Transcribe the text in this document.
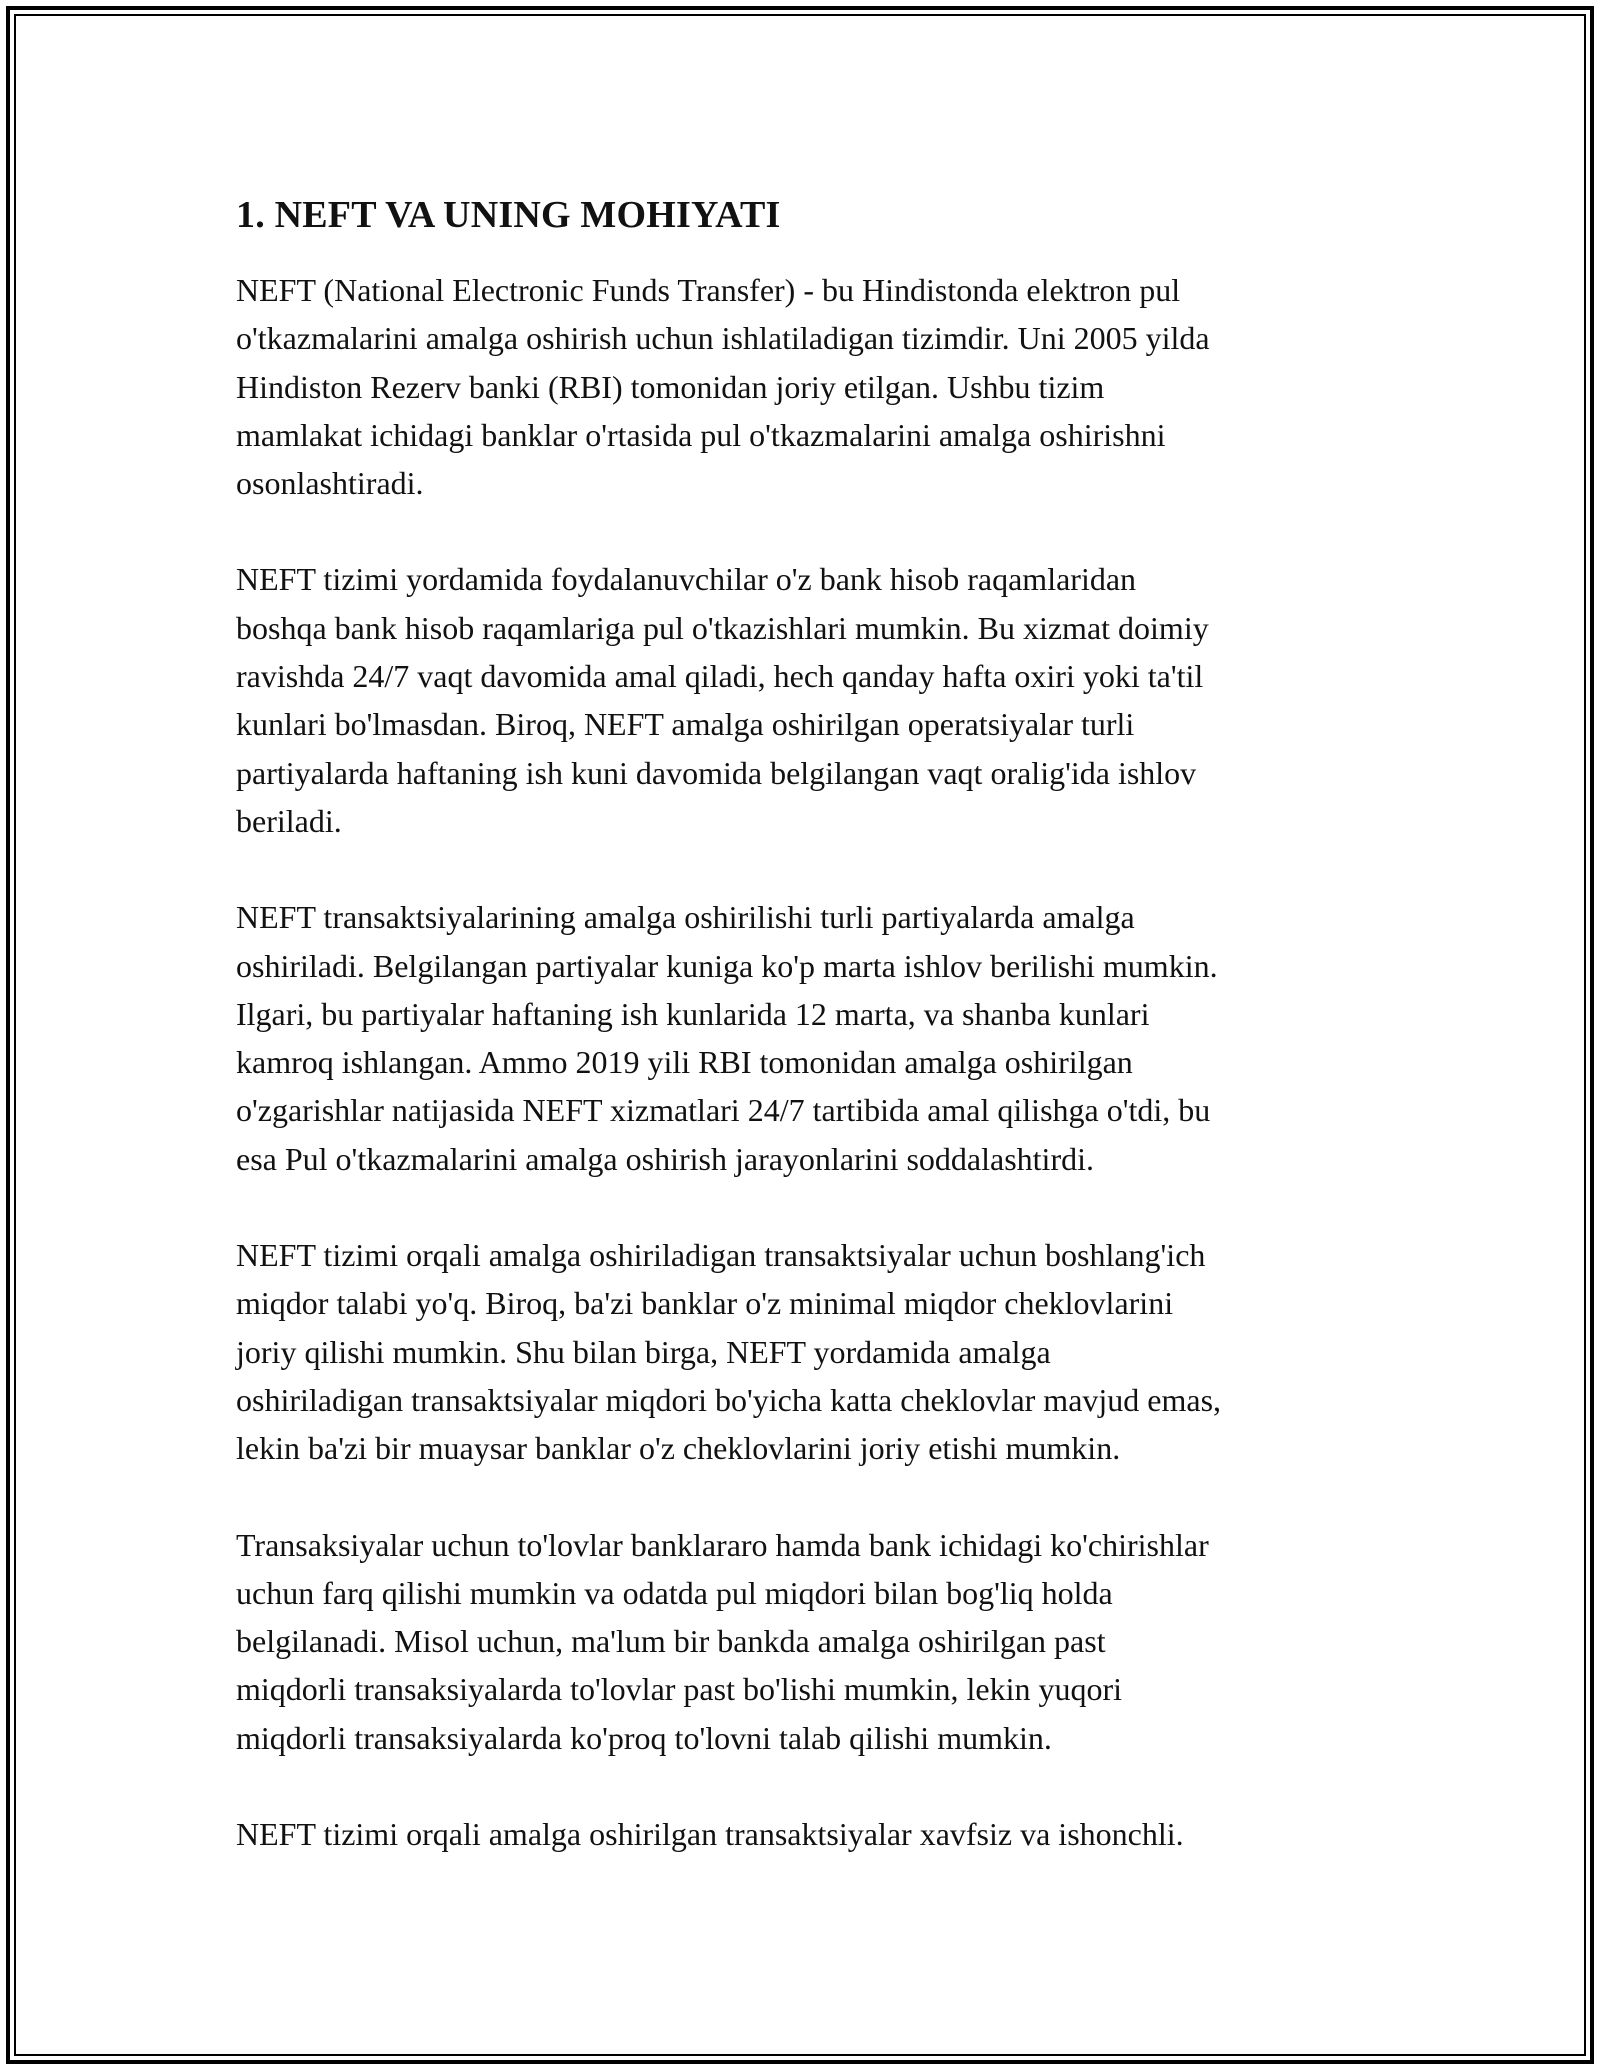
1. NEFT VA UNING MOHIYATI

NEFT (National Electronic Funds Transfer) - bu Hindistonda elektron pul
o'tkazmalarini amalga oshirish uchun ishlatiladigan tizimdir. Uni 2005 yilda
Hindiston Rezerv banki (RBI) tomonidan joriy etilgan. Ushbu tizim
mamlakat ichidagi banklar o'rtasida pul o'tkazmalarini amalga oshirishni
osonlashtiradi.

NEFT tizimi yordamida foydalanuvchilar o'z bank hisob raqamlaridan
boshqa bank hisob raqamlariga pul o'tkazishlari mumkin. Bu xizmat doimiy
ravishda 24/7 vaqt davomida amal qiladi, hech qanday hafta oxiri yoki ta'til
kunlari bo'lmasdan. Biroq, NEFT amalga oshirilgan operatsiyalar turli
partiyalarda haftaning ish kuni davomida belgilangan vaqt oralig'ida ishlov
beriladi.

NEFT transaktsiyalarining amalga oshirilishi turli partiyalarda amalga
oshiriladi. Belgilangan partiyalar kuniga ko'p marta ishlov berilishi mumkin.
Ilgari, bu partiyalar haftaning ish kunlarida 12 marta, va shanba kunlari
kamroq ishlangan. Ammo 2019 yili RBI tomonidan amalga oshirilgan
o'zgarishlar natijasida NEFT xizmatlari 24/7 tartibida amal qilishga o'tdi, bu
esa Pul o'tkazmalarini amalga oshirish jarayonlarini soddalashtirdi.

NEFT tizimi orqali amalga oshiriladigan transaktsiyalar uchun boshlang'ich
miqdor talabi yo'q. Biroq, ba'zi banklar o'z minimal miqdor cheklovlarini
joriy qilishi mumkin. Shu bilan birga, NEFT yordamida amalga
oshiriladigan transaktsiyalar miqdori bo'yicha katta cheklovlar mavjud emas,
lekin ba'zi bir muaysar banklar o'z cheklovlarini joriy etishi mumkin.

Transaksiyalar uchun to'lovlar banklararo hamda bank ichidagi ko'chirishlar
uchun farq qilishi mumkin va odatda pul miqdori bilan bog'liq holda
belgilanadi. Misol uchun, ma'lum bir bankda amalga oshirilgan past
miqdorli transaksiyalarda to'lovlar past bo'lishi mumkin, lekin yuqori
miqdorli transaksiyalarda ko'proq to'lovni talab qilishi mumkin.

NEFT tizimi orqali amalga oshirilgan transaktsiyalar xavfsiz va ishonchli.
